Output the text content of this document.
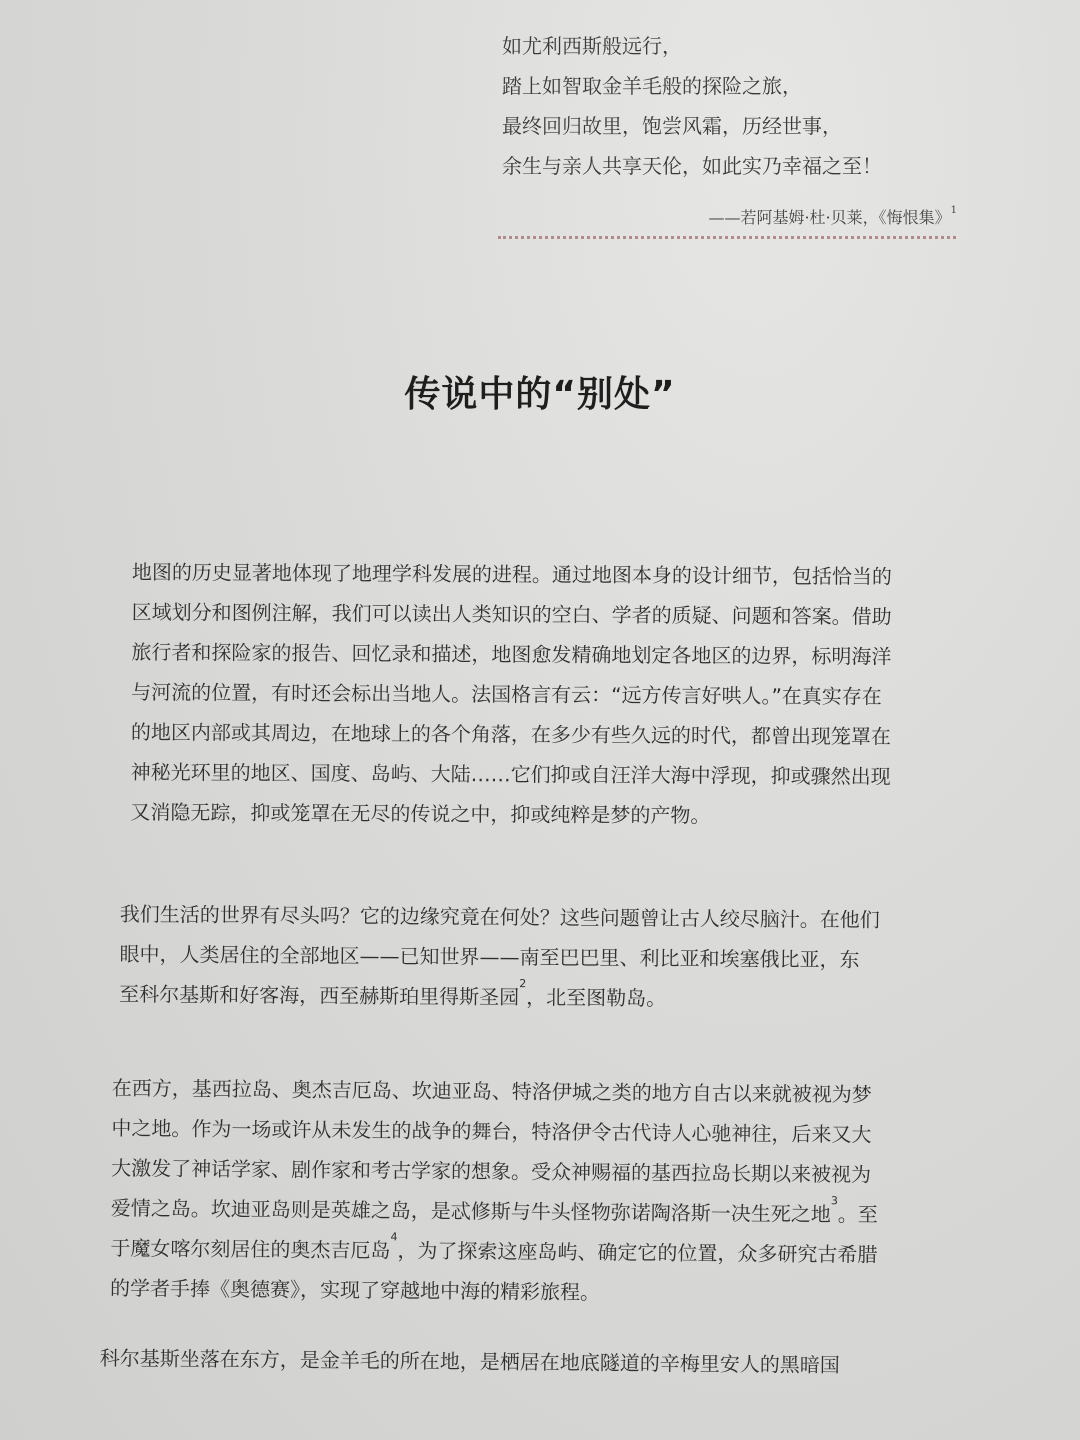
如尤利西斯般远行，
踏上如智取金羊毛般的探险之旅，
最终回归故里，饱尝风霜，历经世事，
余生与亲人共享天伦，如此实乃幸福之至！
——若阿基姆·杜·贝莱，《悔恨集》$^1$
传说中的“别处”
地图的历史显著地体现了地理学科发展的进程。通过地图本身的设计细节，包括恰当的
区域划分和图例注解，我们可以读出人类知识的空白、学者的质疑、问题和答案。借助
旅行者和探险家的报告、回忆录和描述，地图愈发精确地划定各地区的边界，标明海洋
与河流的位置，有时还会标出当地人。法国格言有云：“远方传言好哄人。”在真实存在
的地区内部或其周边，在地球上的各个角落，在多少有些久远的时代，都曾出现笼罩在
神秘光环里的地区、国度、岛屿、大陆……它们抑或自汪洋大海中浮现，抑或骤然出现
又消隐无踪，抑或笼罩在无尽的传说之中，抑或纯粹是梦的产物。
我们生活的世界有尽头吗？它的边缘究竟在何处？这些问题曾让古人绞尽脑汁。在他们
眼中，人类居住的全部地区——已知世界——南至巴巴里、利比亚和埃塞俄比亚，东
至科尔基斯和好客海，西至赫斯珀里得斯圣园$^2$，北至图勒岛。
在西方，基西拉岛、奥杰吉厄岛、坎迪亚岛、特洛伊城之类的地方自古以来就被视为梦
中之地。作为一场或许从未发生的战争的舞台，特洛伊令古代诗人心驰神往，后来又大
大激发了神话学家、剧作家和考古学家的想象。受众神赐福的基西拉岛长期以来被视为
爱情之岛。坎迪亚岛则是英雄之岛，是忒修斯与牛头怪物弥诺陶洛斯一决生死之地$^3$。至
于魔女喀尔刻居住的奥杰吉厄岛$^4$，为了探索这座岛屿、确定它的位置，众多研究古希腊
的学者手捧《奥德赛》，实现了穿越地中海的精彩旅程。
科尔基斯坐落在东方，是金羊毛的所在地，是栖居在地底隧道的辛梅里安人的黑暗国
